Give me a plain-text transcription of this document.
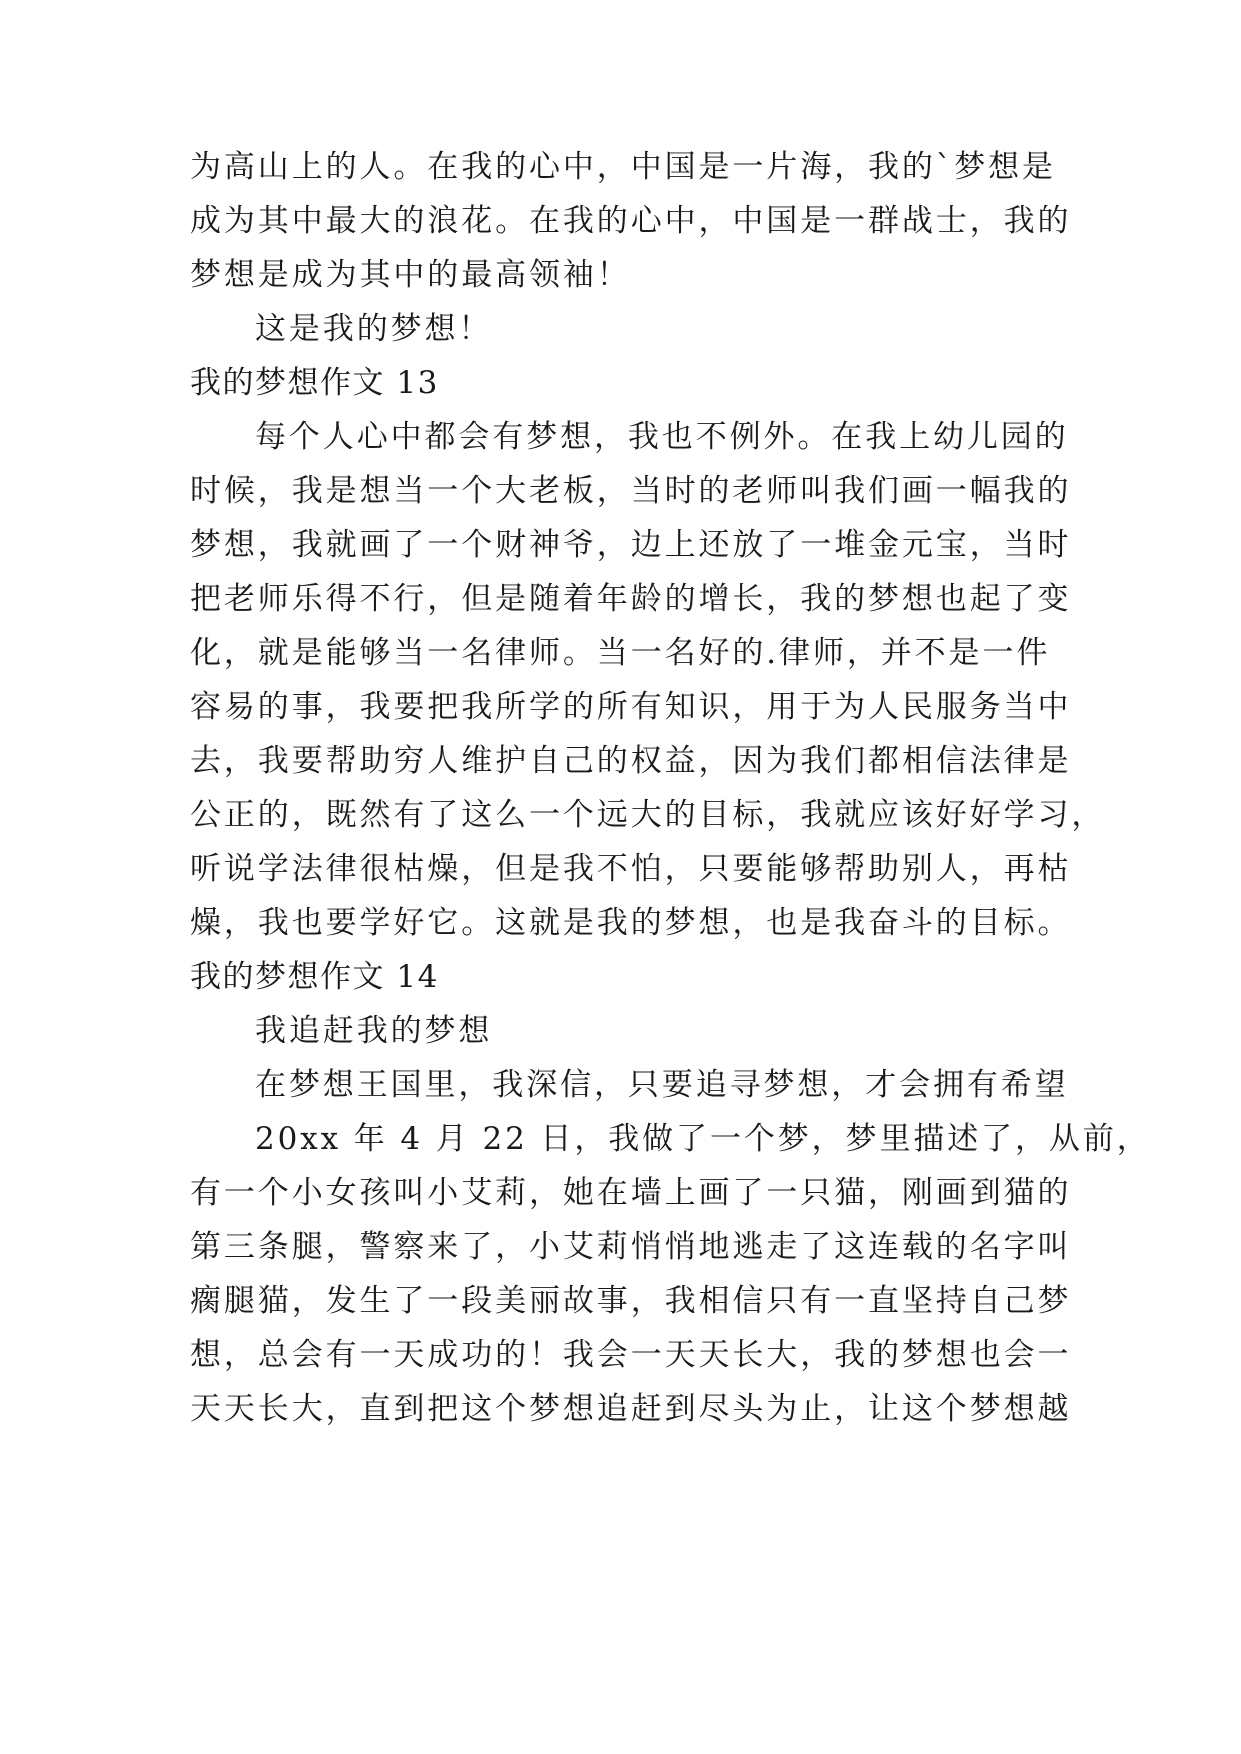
为高山上的人。在我的心中，中国是一片海，我的`梦想是
成为其中最大的浪花。在我的心中，中国是一群战士，我的
梦想是成为其中的最高领袖！
这是我的梦想！
我的梦想作文 13
每个人心中都会有梦想，我也不例外。在我上幼儿园的
时候，我是想当一个大老板，当时的老师叫我们画一幅我的
梦想，我就画了一个财神爷，边上还放了一堆金元宝，当时
把老师乐得不行，但是随着年龄的增长，我的梦想也起了变
化，就是能够当一名律师。当一名好的.律师，并不是一件
容易的事，我要把我所学的所有知识，用于为人民服务当中
去，我要帮助穷人维护自己的权益，因为我们都相信法律是
公正的，既然有了这么一个远大的目标，我就应该好好学习，
听说学法律很枯燥，但是我不怕，只要能够帮助别人，再枯
燥，我也要学好它。这就是我的梦想，也是我奋斗的目标。
我的梦想作文 14
我追赶我的梦想
在梦想王国里，我深信，只要追寻梦想，才会拥有希望
20xx 年 4 月 22 日，我做了一个梦，梦里描述了，从前，
有一个小女孩叫小艾莉，她在墙上画了一只猫，刚画到猫的
第三条腿，警察来了，小艾莉悄悄地逃走了这连载的名字叫
瘸腿猫，发生了一段美丽故事，我相信只有一直坚持自己梦
想，总会有一天成功的！我会一天天长大，我的梦想也会一
天天长大，直到把这个梦想追赶到尽头为止，让这个梦想越
